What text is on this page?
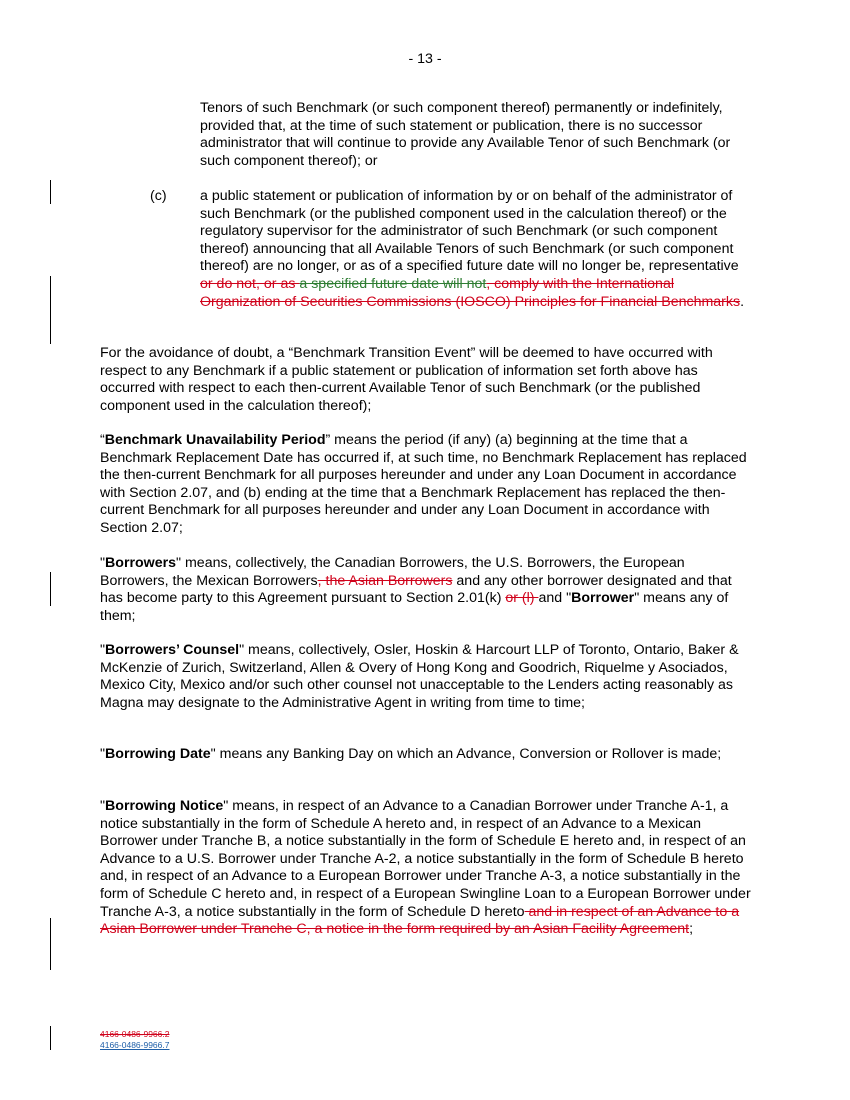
- 13 -

Tenors of such Benchmark (or such component thereof) permanently or indefinitely, provided that, at the time of such statement or publication, there is no successor administrator that will continue to provide any Available Tenor of such Benchmark (or such component thereof); or

(c) a public statement or publication of information by or on behalf of the administrator of such Benchmark (or the published component used in the calculation thereof) or the regulatory supervisor for the administrator of such Benchmark (or such component thereof) announcing that all Available Tenors of such Benchmark (or such component thereof) are no longer, or as of a specified future date will no longer be, representative or do not, or as a specified future date will not, comply with the International Organization of Securities Commissions (IOSCO) Principles for Financial Benchmarks.

For the avoidance of doubt, a “Benchmark Transition Event” will be deemed to have occurred with respect to any Benchmark if a public statement or publication of information set forth above has occurred with respect to each then-current Available Tenor of such Benchmark (or the published component used in the calculation thereof);

“Benchmark Unavailability Period” means the period (if any) (a) beginning at the time that a Benchmark Replacement Date has occurred if, at such time, no Benchmark Replacement has replaced the then-current Benchmark for all purposes hereunder and under any Loan Document in accordance with Section 2.07, and (b) ending at the time that a Benchmark Replacement has replaced the then-current Benchmark for all purposes hereunder and under any Loan Document in accordance with Section 2.07;

"Borrowers" means, collectively, the Canadian Borrowers, the U.S. Borrowers, the European Borrowers, the Mexican Borrowers, the Asian Borrowers and any other borrower designated and that has become party to this Agreement pursuant to Section 2.01(k) or (l) and "Borrower" means any of them;

"Borrowers’ Counsel" means, collectively, Osler, Hoskin & Harcourt LLP of Toronto, Ontario, Baker & McKenzie of Zurich, Switzerland, Allen & Overy of Hong Kong and Goodrich, Riquelme y Asociados, Mexico City, Mexico and/or such other counsel not unacceptable to the Lenders acting reasonably as Magna may designate to the Administrative Agent in writing from time to time;

"Borrowing Date" means any Banking Day on which an Advance, Conversion or Rollover is made;

"Borrowing Notice" means, in respect of an Advance to a Canadian Borrower under Tranche A-1, a notice substantially in the form of Schedule A hereto and, in respect of an Advance to a Mexican Borrower under Tranche B, a notice substantially in the form of Schedule E hereto and, in respect of an Advance to a U.S. Borrower under Tranche A-2, a notice substantially in the form of Schedule B hereto and, in respect of an Advance to a European Borrower under Tranche A-3, a notice substantially in the form of Schedule C hereto and, in respect of a European Swingline Loan to a European Borrower under Tranche A-3, a notice substantially in the form of Schedule D hereto and in respect of an Advance to a Asian Borrower under Tranche C, a notice in the form required by an Asian Facility Agreement;

4166-0486-9966.2
4166-0486-9966.7
